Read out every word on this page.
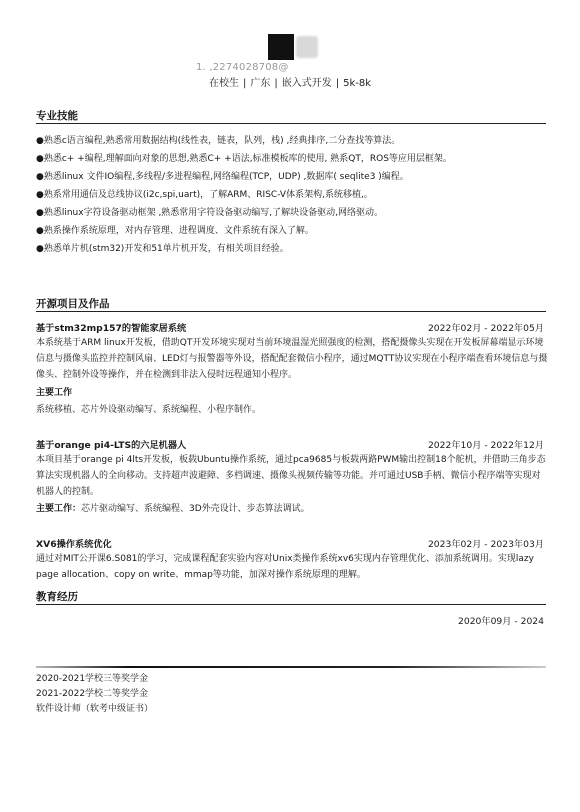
1. ,2274028708@
在校生 | 广东 | 嵌入式开发 | 5k-8k
专业技能
●熟悉c语言编程,熟悉常用数据结构(线性表，链表，队列，栈) ,经典排序,二分查找等算法。
●熟悉c+ +编程,理解面向对象的思想,熟悉C+ +语法,标准模板库的使用, 熟系QT，ROS等应用层框架。
●熟悉linux 文件IO编程,多线程/多进程编程,网络编程(TCP，UDP) ,数据库( seqlite3 )编程。
●熟系常用通信及总线协议(i2c,spi,uart)，了解ARM、RISC-V体系架构,系统移植,。
●熟悉linux字符设备驱动框架 ,熟悉常用字符设备驱动编写,了解块设备驱动,网络驱动。
●熟系操作系统原理，对内存管理、进程调度、文件系统有深入了解。
●熟悉单片机(stm32)开发和51单片机开发，有相关项目经验。
开源项目及作品
基于stm32mp157的智能家居系统	2022年02月 - 2022年05月

本系统基于ARM linux开发板，借助QT开发环境实现对当前环境温湿光照强度的检测，搭配摄像头实现在开发板屏幕端显示环境信息与摄像头监控并控制风扇、LED灯与报警器等外设，搭配配套微信小程序，通过MQTT协议实现在小程序端查看环境信息与摄像头、控制外设等操作，并在检测到非法入侵时远程通知小程序。

主要工作
系统移植、芯片外设驱动编写、系统编程、小程序制作。
基于orange pi4-LTS的六足机器人	2022年10月 - 2022年12月

本项目基于orange pi 4lts开发板，板载Ubuntu操作系统，通过pca9685与板载两路PWM输出控制18个舵机，并借助三角步态算法实现机器人的全向移动。支持超声波避障、多档调速、摄像头视频传输等功能。并可通过USB手柄、微信小程序端等实现对机器人的控制。

主要工作：芯片驱动编写、系统编程、3D外壳设计、步态算法调试。
XV6操作系统优化	2023年02月 - 2023年03月

通过对MIT公开课6.S081的学习，完成课程配套实验内容对Unix类操作系统xv6实现内存管理优化、添加系统调用。实现lazy page allocation、copy on write、mmap等功能，加深对操作系统原理的理解。

教育经历
2020年09月 - 2024
2020-2021学校三等奖学金
2021-2022学校二等奖学金
软件设计师（软考中级证书）
